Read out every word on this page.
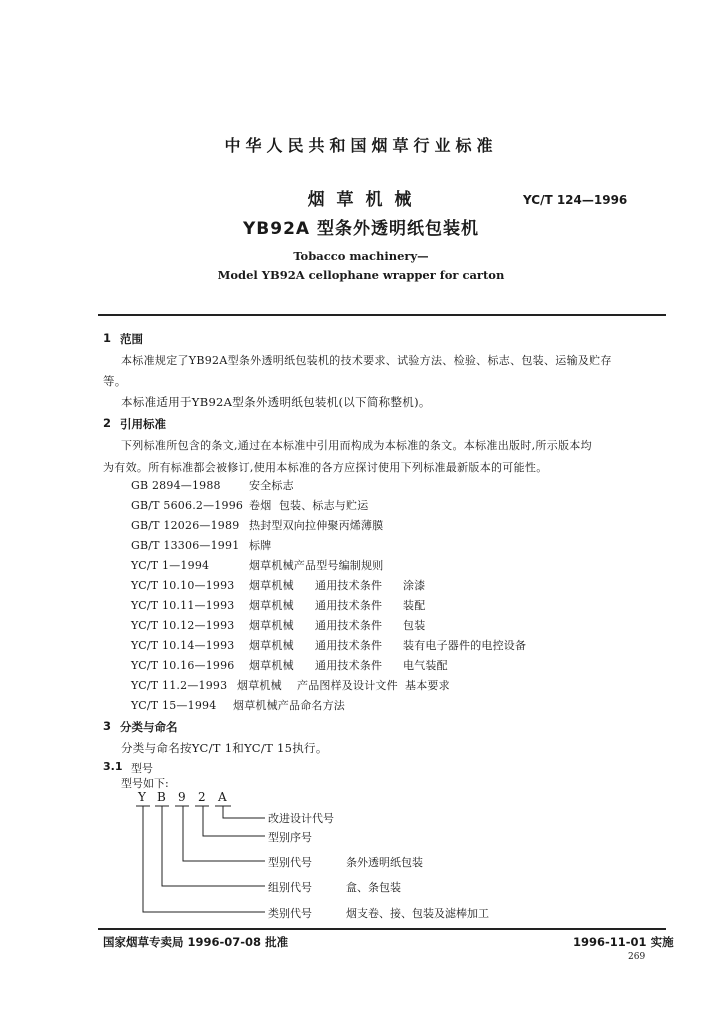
中华人民共和国烟草行业标准
烟 草 机 械	YC/T 124—1996
YB92A 型条外透明纸包装机
Tobacco machinery—
Model YB92A cellophane wrapper for carton
1 范围
本标准规定了YB92A型条外透明纸包装机的技术要求、试验方法、检验、标志、包装、运输及贮存
等。
本标准适用于YB92A型条外透明纸包装机(以下简称整机)。
2 引用标准
下列标准所包含的条文,通过在本标准中引用而构成为本标准的条文。本标准出版时,所示版本均
为有效。所有标准都会被修订,使用本标准的各方应探讨使用下列标准最新版本的可能性。
GB 2894—1988	安全标志
GB/T 5606.2—1996 卷烟 包装、标志与贮运
GB/T 12026—1989 热封型双向拉伸聚丙烯薄膜
GB/T 13306—1991 标牌
YC/T 1—1994	烟草机械产品型号编制规则
YC/T 10.10—1993 烟草机械 通用技术条件 涂漆
YC/T 10.11—1993 烟草机械 通用技术条件 装配
YC/T 10.12—1993 烟草机械 通用技术条件 包装
YC/T 10.14—1993 烟草机械 通用技术条件 装有电子器件的电控设备
YC/T 10.16—1996 烟草机械 通用技术条件 电气装配
YC/T 11.2—1993 烟草机械 产品图样及设计文件 基本要求
YC/T 15—1994 烟草机械产品命名方法
3 分类与命名
分类与命名按YC/T 1和YC/T 15执行。
3.1 型号
型号如下:
Y B 9 2 A
改进设计代号
型别序号
型别代号	条外透明纸包装
组别代号	盒、条包装
类别代号	烟支卷、接、包装及滤棒加工
国家烟草专卖局 1996-07-08 批准	1996-11-01 实施
269
